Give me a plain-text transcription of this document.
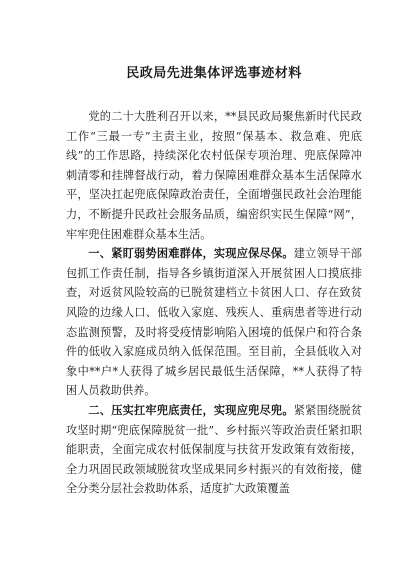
民政局先进集体评选事迹材料

党的二十大胜利召开以来，**县民政局聚焦新时代民政工作“三最一专”主责主业，按照“保基本、救急难、兜底线”的工作思路，持续深化农村低保专项治理、兜底保障冲刺清零和挂牌督战行动，着力保障困难群众基本生活保障水平，坚决扛起兜底保障政治责任，全面增强民政社会治理能力，不断提升民政社会服务品质，编密织实民生保障“网”，牢牢兜住困难群众基本生活。

一、紧盯弱势困难群体，实现应保尽保。建立领导干部包抓工作责任制，指导各乡镇街道深入开展贫困人口摸底排查，对返贫风险较高的已脱贫建档立卡贫困人口、存在致贫风险的边缘人口、低收入家庭、残疾人、重病患者等进行动态监测预警，及时将受疫情影响陷入困境的低保户和符合条件的低收入家庭成员纳入低保范围。至目前，全县低收入对象中**户*人获得了城乡居民最低生活保障，**人获得了特困人员救助供养。

二、压实扛牢兜底责任，实现应兜尽兜。紧紧围绕脱贫攻坚时期“兜底保障脱贫一批”、乡村振兴等政治责任紧扣职能职责，全面完成农村低保制度与扶贫开发政策有效衔接，全力巩固民政领域脱贫攻坚成果同乡村振兴的有效衔接，健全分类分层社会救助体系，适度扩大政策覆盖
